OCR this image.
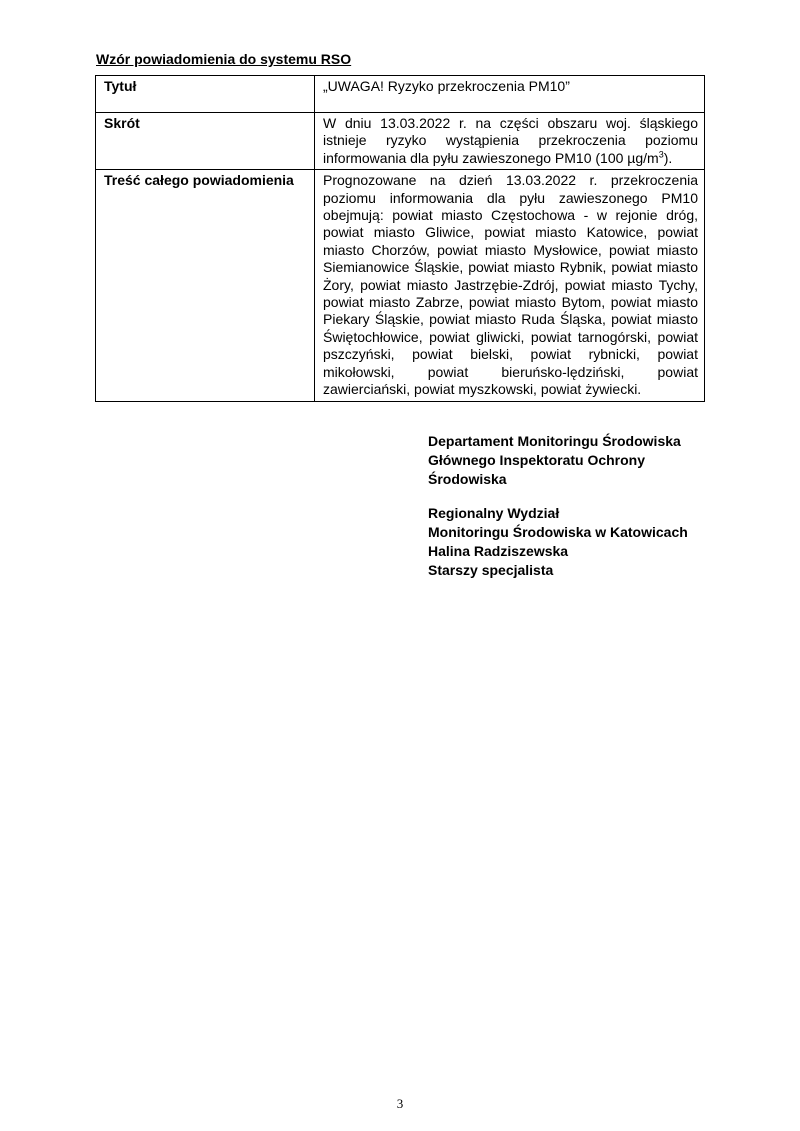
Wzór powiadomienia do systemu RSO
Tytuł	„UWAGA! Ryzyko przekroczenia PM10”
Skrót	W dniu 13.03.2022 r. na części obszaru woj. śląskiego istnieje ryzyko wystąpienia przekroczenia poziomu informowania dla pyłu zawieszonego PM10 (100 $\mu g/m^3$).
Treść całego powiadomienia	Prognozowane na dzień 13.03.2022 r. przekroczenia poziomu informowania dla pyłu zawieszonego PM10 obejmują: powiat miasto Częstochowa - w rejonie dróg, powiat miasto Gliwice, powiat miasto Katowice, powiat miasto Chorzów, powiat miasto Mysłowice, powiat miasto Siemianowice Śląskie, powiat miasto Rybnik, powiat miasto Żory, powiat miasto Jastrzębie-Zdrój, powiat miasto Tychy, powiat miasto Zabrze, powiat miasto Bytom, powiat miasto Piekary Śląskie, powiat miasto Ruda Śląska, powiat miasto Świętochłowice, powiat gliwicki, powiat tarnogórski, powiat pszczyński, powiat bielski, powiat rybnicki, powiat mikołowski, powiat bieruńsko-lędziński, powiat zawierciański, powiat myszkowski, powiat żywiecki.
Departament Monitoringu Środowiska
Głównego Inspektoratu Ochrony
Środowiska
Regionalny Wydział
Monitoringu Środowiska w Katowicach
Halina Radziszewska
Starszy specjalista
3
